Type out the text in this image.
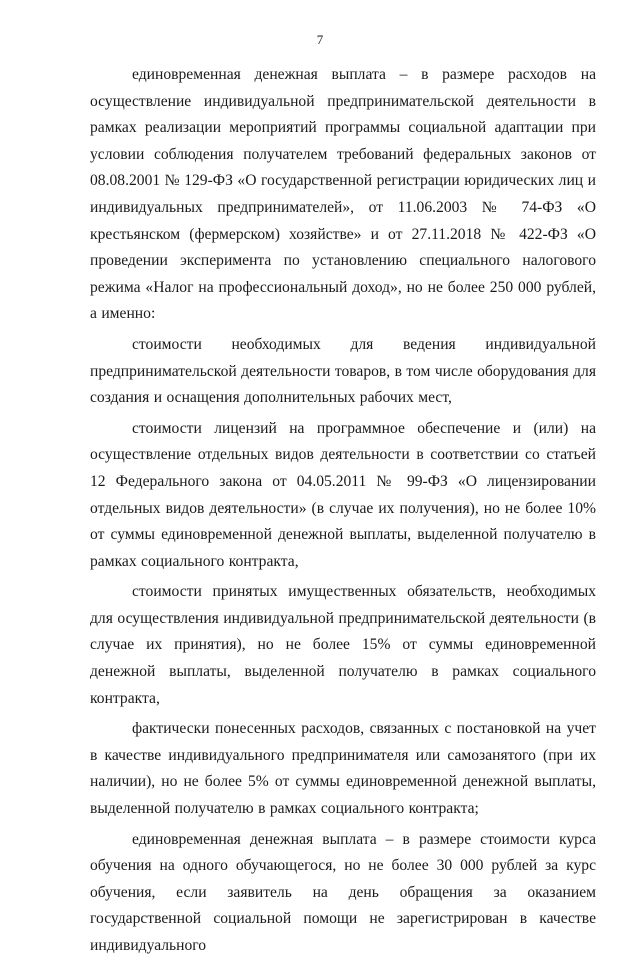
7

единовременная денежная выплата – в размере расходов на осуществление индивидуальной предпринимательской деятельности в рамках реализации мероприятий программы социальной адаптации при условии соблюдения получателем требований федеральных законов от 08.08.2001 № 129-ФЗ «О государственной регистрации юридических лиц и индивидуальных предпринимателей», от 11.06.2003 № 74-ФЗ «О крестьянском (фермерском) хозяйстве» и от 27.11.2018 № 422-ФЗ «О проведении эксперимента по установлению специального налогового режима «Налог на профессиональный доход», но не более 250 000 рублей, а именно:

стоимости необходимых для ведения индивидуальной предпринимательской деятельности товаров, в том числе оборудования для создания и оснащения дополнительных рабочих мест,

стоимости лицензий на программное обеспечение и (или) на осуществление отдельных видов деятельности в соответствии со статьей 12 Федерального закона от 04.05.2011 № 99-ФЗ «О лицензировании отдельных видов деятельности» (в случае их получения), но не более 10% от суммы единовременной денежной выплаты, выделенной получателю в рамках социального контракта,

стоимости принятых имущественных обязательств, необходимых для осуществления индивидуальной предпринимательской деятельности (в случае их принятия), но не более 15% от суммы единовременной денежной выплаты, выделенной получателю в рамках социального контракта,

фактически понесенных расходов, связанных с постановкой на учет в качестве индивидуального предпринимателя или самозанятого (при их наличии), но не более 5% от суммы единовременной денежной выплаты, выделенной получателю в рамках социального контракта;

единовременная денежная выплата – в размере стоимости курса обучения на одного обучающегося, но не более 30 000 рублей за курс обучения, если заявитель на день обращения за оказанием государственной социальной помощи не зарегистрирован в качестве индивидуального
